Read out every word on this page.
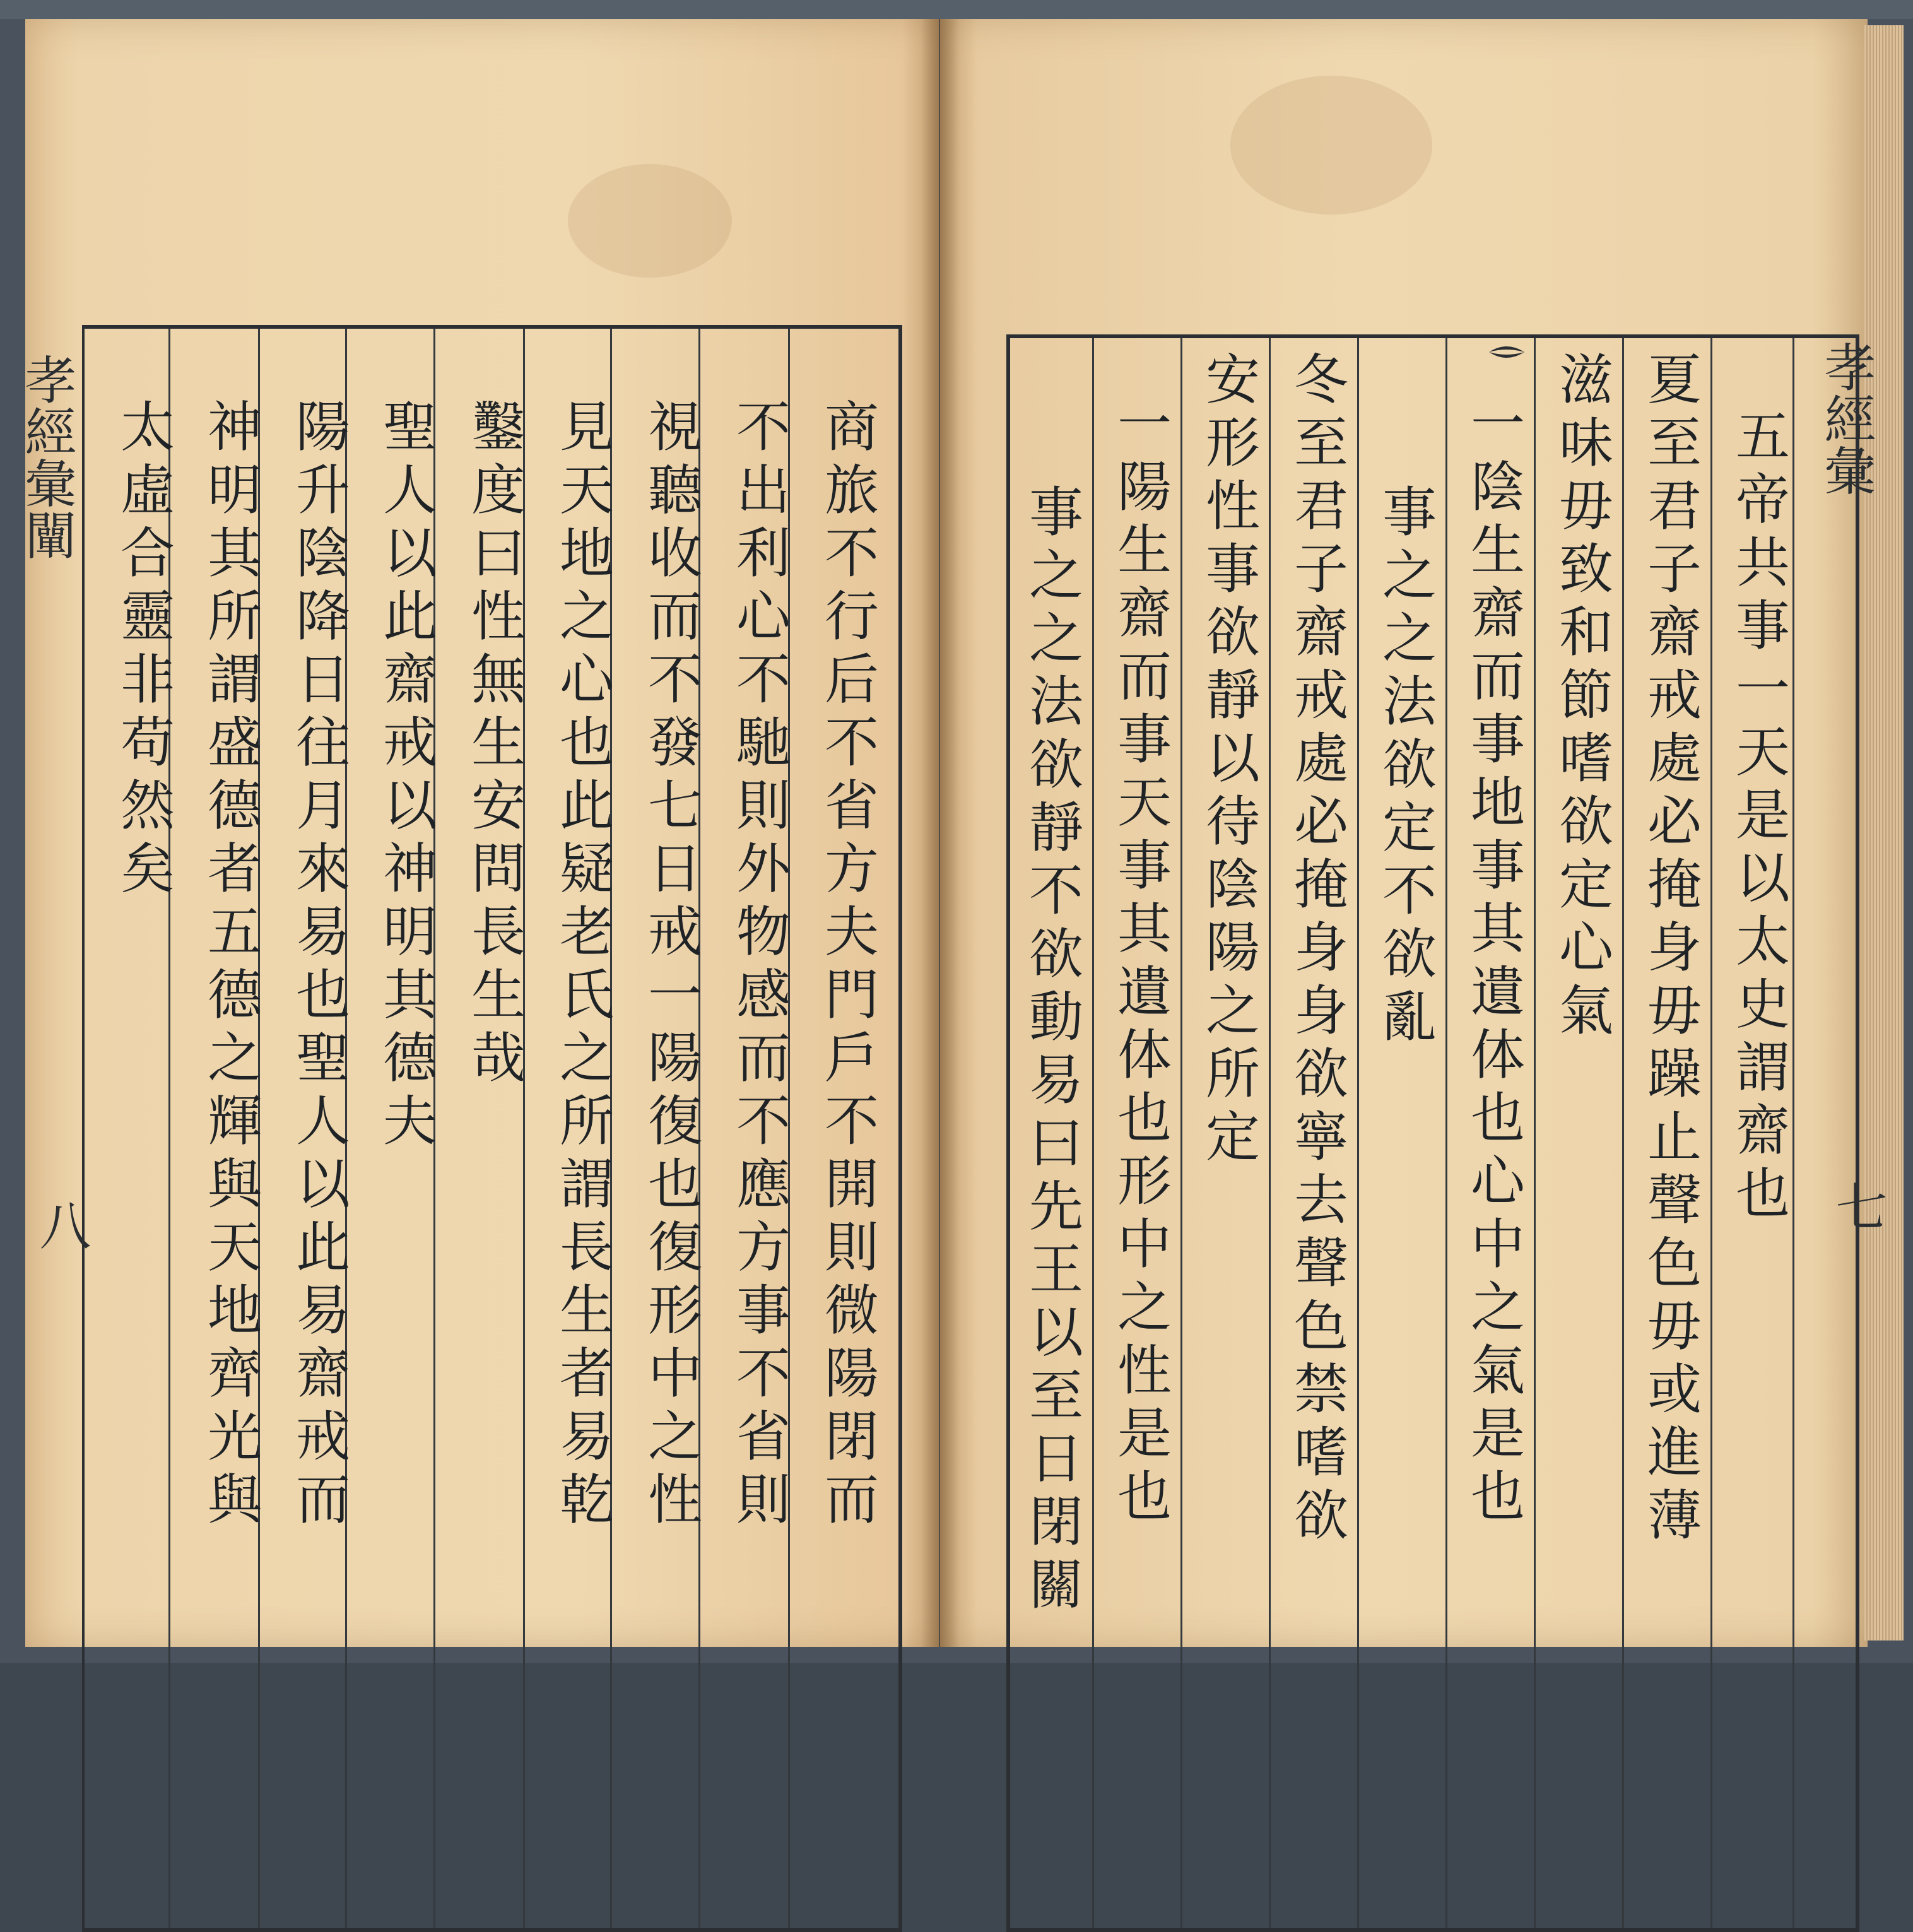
商旅不行后不省方夫門戶不開則微陽閉而
不出利心不馳則外物感而不應方事不省則
視聽收而不發七日戒一陽復也復形中之性
見天地之心也此疑老氏之所謂長生者易乾
鑿度曰性無生安問長生哉
聖人以此齋戒以神明其德夫
陽升陰降日往月來易也聖人以此易齋戒而
神明其所謂盛德者五德之輝與天地齊光與
太虛合靈非苟然矣
孝經彙闡
八	五帝共事一天是以太史謂齋也
夏至君子齋戒處必掩身毋躁止聲色毋或進薄
滋味毋致和節嗜欲定心氣
一陰生齋而事地事其遺体也心中之氣是也
事之之法欲定不欲亂
冬至君子齋戒處必掩身身欲寧去聲色禁嗜欲
安形性事欲靜以待陰陽之所定
一陽生齋而事天事其遺体也形中之性是也
事之之法欲靜不欲動易曰先王以至日閉關
孝經彙
七
